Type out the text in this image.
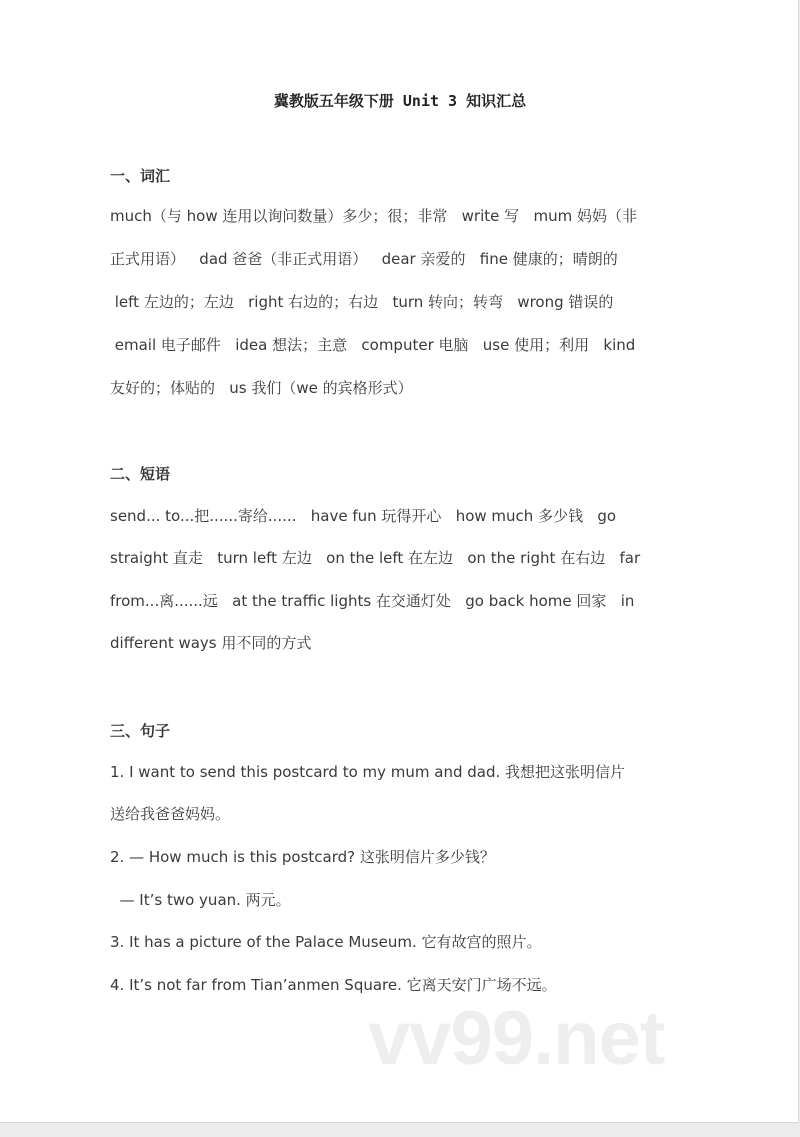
冀教版五年级下册 Unit 3 知识汇总
一、词汇
much（与 how 连用以询问数量）多少；很；非常   write 写   mum 妈妈（非
正式用语）   dad 爸爸（非正式用语）   dear 亲爱的   fine 健康的；晴朗的
left 左边的；左边   right 右边的；右边   turn 转向；转弯   wrong 错误的
email 电子邮件   idea 想法；主意   computer 电脑   use 使用；利用   kind
友好的；体贴的   us 我们（we 的宾格形式）
二、短语
send... to...把......寄给......   have fun 玩得开心   how much 多少钱   go
straight 直走   turn left 左边   on the left 在左边   on the right 在右边   far
from...离......远   at the traffic lights 在交通灯处   go back home 回家   in
different ways 用不同的方式
三、句子
1. I want to send this postcard to my mum and dad. 我想把这张明信片
送给我爸爸妈妈。
2. — How much is this postcard? 这张明信片多少钱？
— It’s two yuan. 两元。
3. It has a picture of the Palace Museum. 它有故宫的照片。
4. It’s not far from Tian’anmen Square. 它离天安门广场不远。
vv99.net
